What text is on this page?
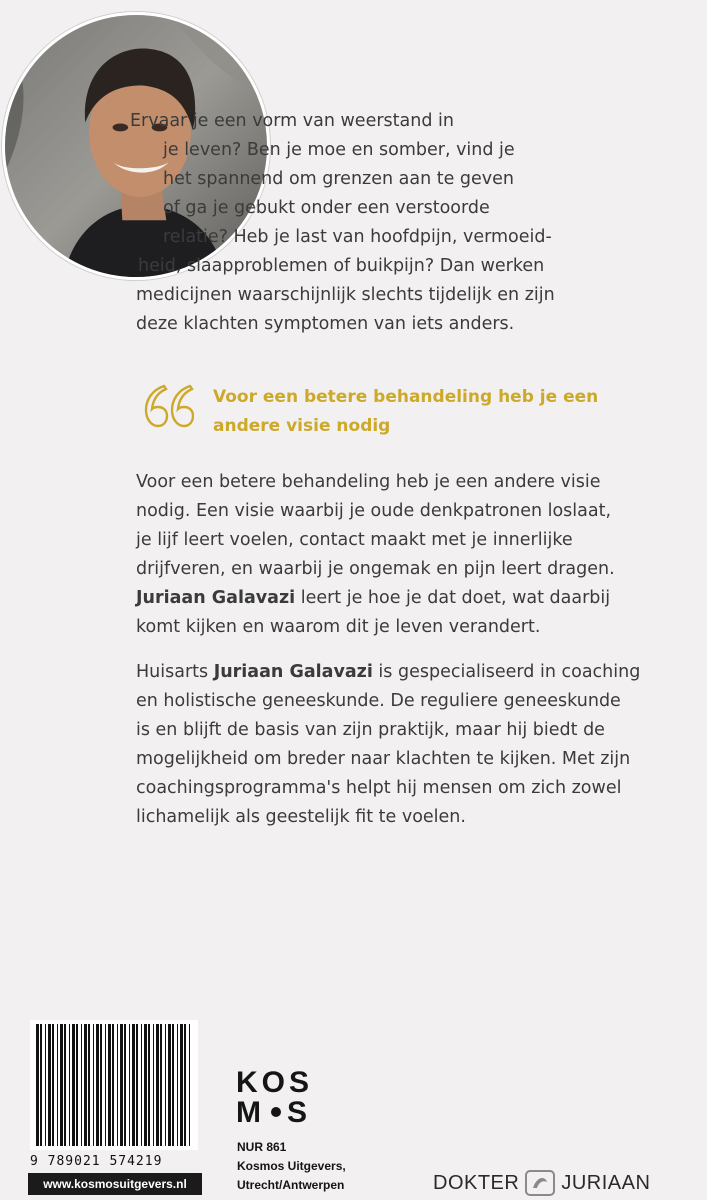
Ervaar je een vorm van weerstand in
je leven? Ben je moe en somber, vind je
het spannend om grenzen aan te geven
of ga je gebukt onder een verstoorde
relatie? Heb je last van hoofdpijn, vermoeid-
heid, slaapproblemen of buikpijn? Dan werken
medicijnen waarschijnlijk slechts tijdelijk en zijn
deze klachten symptomen van iets anders.
Voor een betere behandeling heb je een
andere visie nodig
Voor een betere behandeling heb je een andere visie
nodig. Een visie waarbij je oude denkpatronen loslaat,
je lijf leert voelen, contact maakt met je innerlijke
drijfveren, en waarbij je ongemak en pijn leert dragen.
Juriaan Galavazi leert je hoe je dat doet, wat daarbij
komt kijken en waarom dit je leven verandert.
Huisarts Juriaan Galavazi is gespecialiseerd in coaching
en holistische geneeskunde. De reguliere geneeskunde
is en blijft de basis van zijn praktijk, maar hij biedt de
mogelijkheid om breder naar klachten te kijken. Met zijn
coachingsprogramma's helpt hij mensen om zich zowel
lichamelijk als geestelijk fit te voelen.
9 789021 574219
www.kosmosuitgevers.nl
KOS
M S
NUR 861
Kosmos Uitgevers,
Utrecht/Antwerpen	DOKTER JURIAAN
